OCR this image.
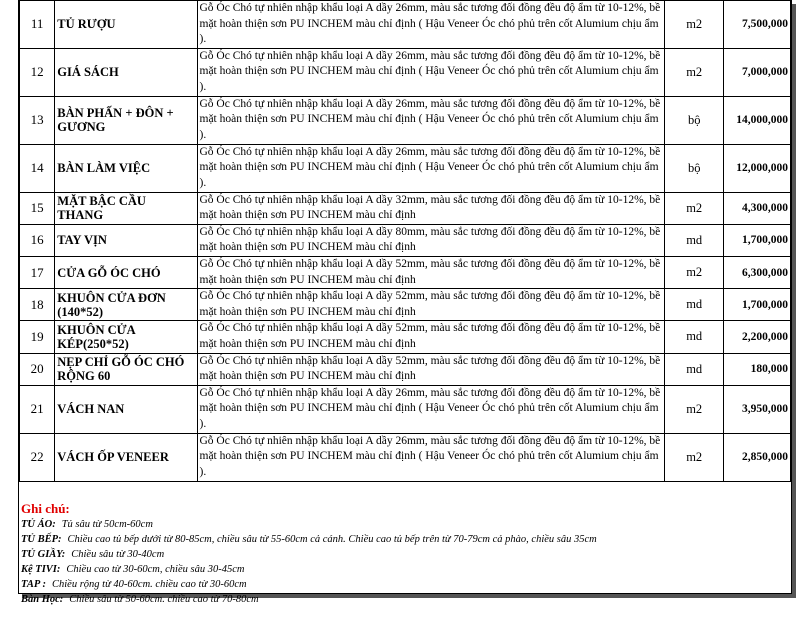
11	TỦ RƯỢU	Gỗ Óc Chó tự nhiên nhập khẩu loại A dầy 26mm, màu sắc tương đối đồng đều độ ẩm từ 10-12%, bề mặt hoàn thiện sơn PU INCHEM màu chỉ định ( Hậu Veneer Óc chó phủ trên cốt Alumium chịu ẩm ).	m2	7,500,000
12	GIÁ SÁCH	Gỗ Óc Chó tự nhiên nhập khẩu loại A dầy 26mm, màu sắc tương đối đồng đều độ ẩm từ 10-12%, bề mặt hoàn thiện sơn PU INCHEM màu chỉ định ( Hậu Veneer Óc chó phủ trên cốt Alumium chịu ẩm ).	m2	7,000,000
13	BÀN PHẤN + ĐÔN + GƯƠNG	Gỗ Óc Chó tự nhiên nhập khẩu loại A dầy 26mm, màu sắc tương đối đồng đều độ ẩm từ 10-12%, bề mặt hoàn thiện sơn PU INCHEM màu chỉ định ( Hậu Veneer Óc chó phủ trên cốt Alumium chịu ẩm ).	bộ	14,000,000
14	BÀN LÀM VIỆC	Gỗ Óc Chó tự nhiên nhập khẩu loại A dầy 26mm, màu sắc tương đối đồng đều độ ẩm từ 10-12%, bề mặt hoàn thiện sơn PU INCHEM màu chỉ định ( Hậu Veneer Óc chó phủ trên cốt Alumium chịu ẩm ).	bộ	12,000,000
15	MẶT BẬC CẦU THANG	Gỗ Óc Chó tự nhiên nhập khẩu loại A dầy 32mm, màu sắc tương đối đồng đều độ ẩm từ 10-12%, bề mặt hoàn thiện sơn PU INCHEM màu chỉ định	m2	4,300,000
16	TAY VỊN	Gỗ Óc Chó tự nhiên nhập khẩu loại A dầy 80mm, màu sắc tương đối đồng đều độ ẩm từ 10-12%, bề mặt hoàn thiện sơn PU INCHEM màu chỉ định	md	1,700,000
17	CỬA GỖ ÓC CHÓ	Gỗ Óc Chó tự nhiên nhập khẩu loại A dầy 52mm, màu sắc tương đối đồng đều độ ẩm từ 10-12%, bề mặt hoàn thiện sơn PU INCHEM màu chỉ định	m2	6,300,000
18	KHUÔN CỬA ĐƠN (140*52)	Gỗ Óc Chó tự nhiên nhập khẩu loại A dầy 52mm, màu sắc tương đối đồng đều độ ẩm từ 10-12%, bề mặt hoàn thiện sơn PU INCHEM màu chỉ định	md	1,700,000
19	KHUÔN CỬA KÉP(250*52)	Gỗ Óc Chó tự nhiên nhập khẩu loại A dầy 52mm, màu sắc tương đối đồng đều độ ẩm từ 10-12%, bề mặt hoàn thiện sơn PU INCHEM màu chỉ định	md	2,200,000
20	NẸP CHỈ GỖ ÓC CHÓ RỘNG 60	Gỗ Óc Chó tự nhiên nhập khẩu loại A dầy 52mm, màu sắc tương đối đồng đều độ ẩm từ 10-12%, bề mặt hoàn thiện sơn PU INCHEM màu chỉ định	md	180,000
21	VÁCH NAN	Gỗ Óc Chó tự nhiên nhập khẩu loại A dầy 26mm, màu sắc tương đối đồng đều độ ẩm từ 10-12%, bề mặt hoàn thiện sơn PU INCHEM màu chỉ định ( Hậu Veneer Óc chó phủ trên cốt Alumium chịu ẩm ).	m2	3,950,000
22	VÁCH ỐP VENEER	Gỗ Óc Chó tự nhiên nhập khẩu loại A dầy 26mm, màu sắc tương đối đồng đều độ ẩm từ 10-12%, bề mặt hoàn thiện sơn PU INCHEM màu chỉ định ( Hậu Veneer Óc chó phủ trên cốt Alumium chịu ẩm ).	m2	2,850,000
Ghi chú:
TỦ ÁO: Tủ sâu từ 50cm-60cm
TỦ BẾP: Chiều cao tủ bếp dưới từ 80-85cm, chiều sâu từ 55-60cm cả cánh. Chiều cao tủ bếp trên từ 70-79cm cả phào, chiều sâu 35cm
TỦ GIẦY: Chiều sâu từ 30-40cm
Kệ TIVI: Chiều cao từ 30-60cm, chiều sâu 30-45cm
TAP : Chiều rộng từ 40-60cm. chiều cao từ 30-60cm
Bàn Học: Chiều sâu từ 50-60cm. chiều cao từ 70-80cm
